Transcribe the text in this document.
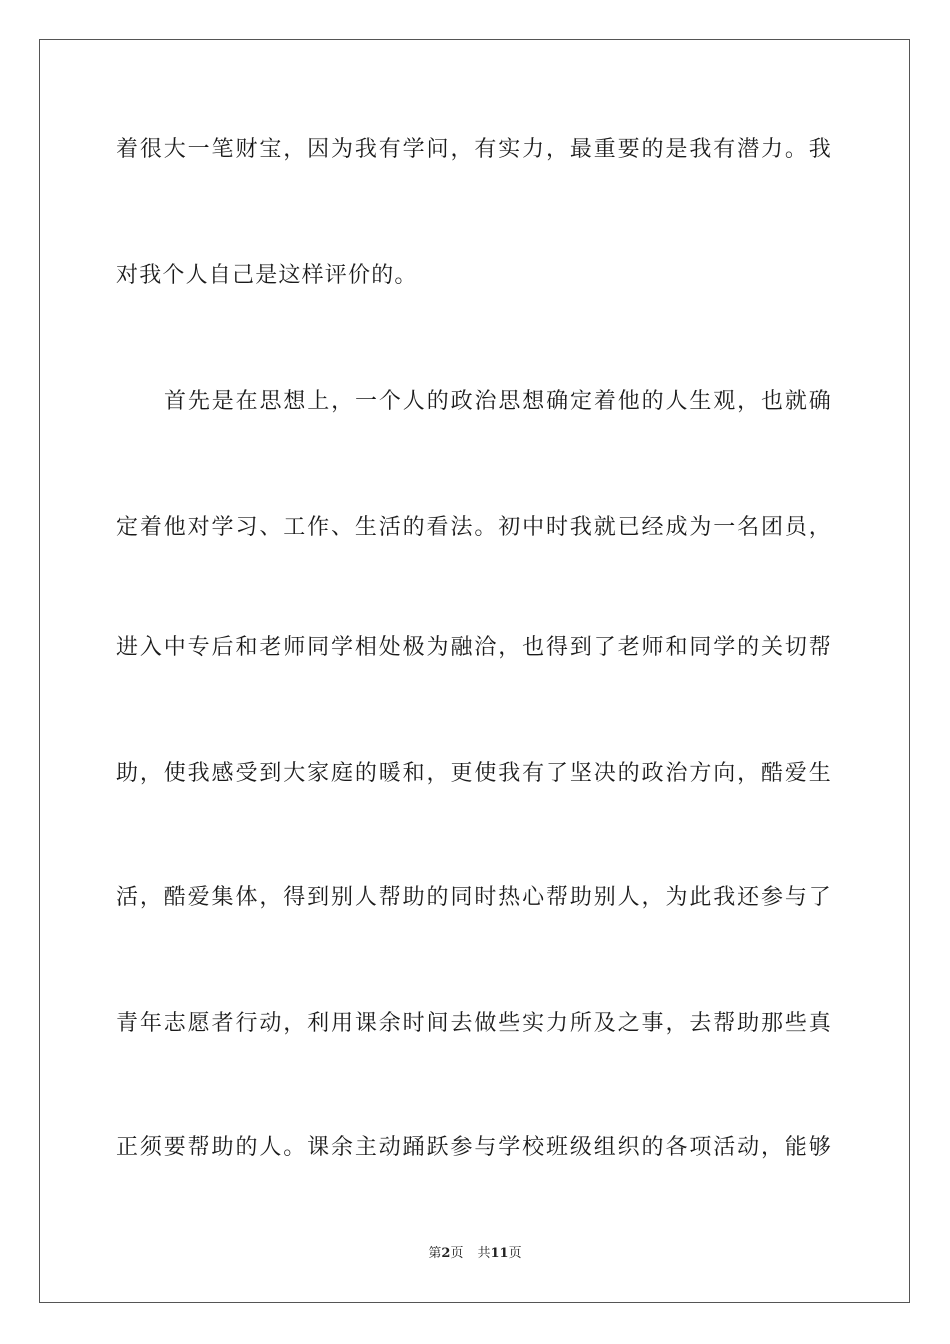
着很大一笔财宝，因为我有学问，有实力，最重要的是我有潜力。我
对我个人自己是这样评价的。
首先是在思想上，一个人的政治思想确定着他的人生观，也就确
定着他对学习、工作、生活的看法。初中时我就已经成为一名团员，
进入中专后和老师同学相处极为融洽，也得到了老师和同学的关切帮
助，使我感受到大家庭的暖和，更使我有了坚决的政治方向，酷爱生
活，酷爱集体，得到别人帮助的同时热心帮助别人，为此我还参与了
青年志愿者行动，利用课余时间去做些实力所及之事，去帮助那些真
正须要帮助的人。课余主动踊跃参与学校班级组织的各项活动，能够
第2页 共11页
